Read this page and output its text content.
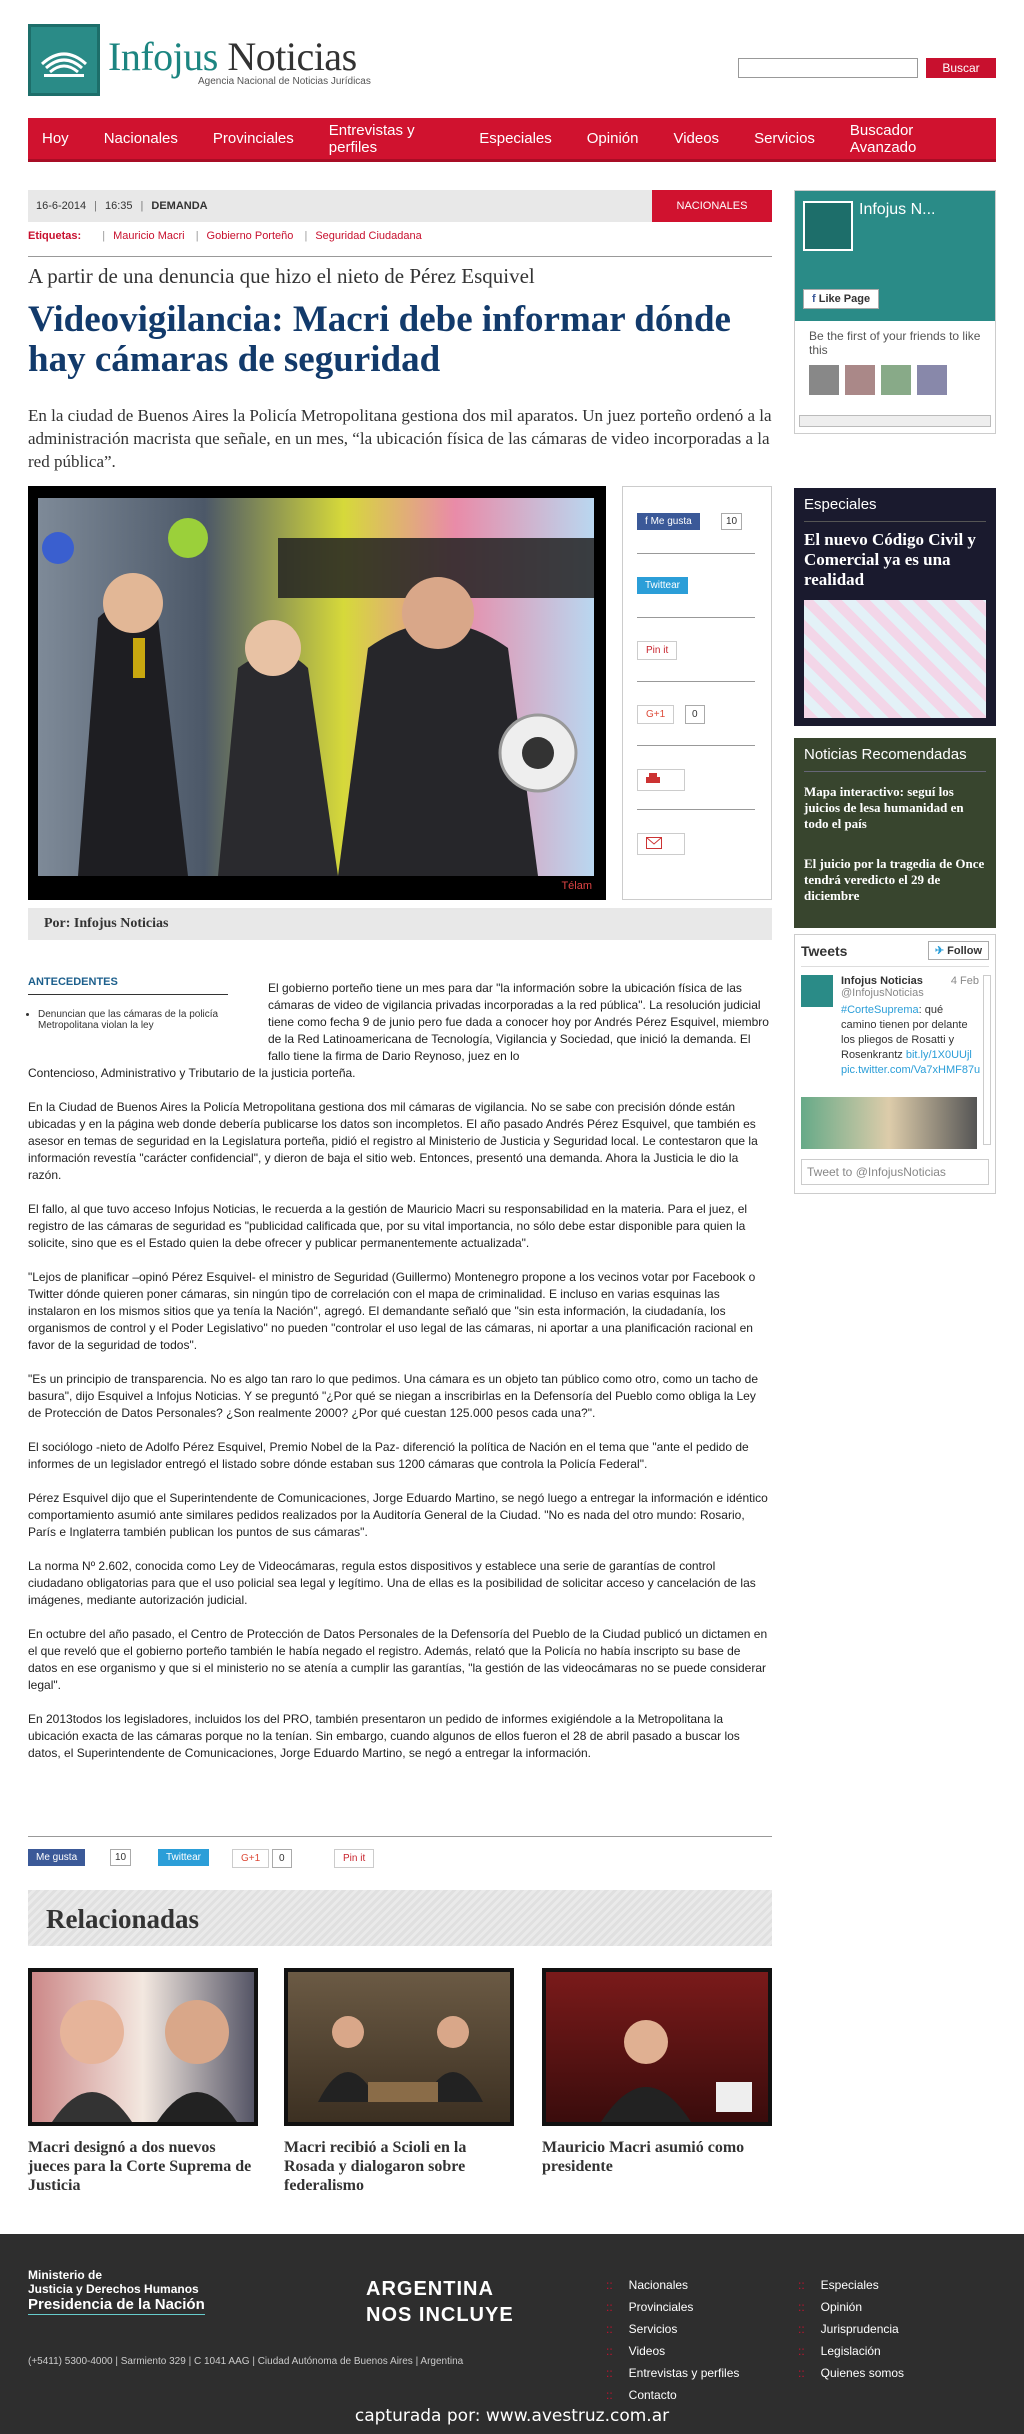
Infojus Noticias
Agencia Nacional de Noticias Jurídicas
Buscar
Hoy Nacionales Provinciales Entrevistas y perfiles	Especiales Opinión Videos Servicios Buscador Avanzado
16-6-2014 | 16:35 | DEMANDA	NACIONALES
Etiquetas: | Mauricio Macri | Gobierno Porteño | Seguridad Ciudadana
A partir de una denuncia que hizo el nieto de Pérez Esquivel
Videovigilancia: Macri debe informar dónde hay cámaras de seguridad
En la ciudad de Buenos Aires la Policía Metropolitana gestiona dos mil aparatos. Un juez porteño ordenó a la administración macrista que señale, en un mes, “la ubicación física de las cámaras de video incorporadas a la red pública”.
Télam
f Me gusta	10
Twittear
Pin it
G+1	0
Por: Infojus Noticias
ANTECEDENTES
• Denuncian que las cámaras de la policía Metropolitana violan la ley

El gobierno porteño tiene un mes para dar "la información sobre la ubicación física de las cámaras de video de vigilancia privadas incorporadas a la red pública". La resolución judicial tiene como fecha 9 de junio pero fue dada a conocer hoy por Andrés Pérez Esquivel, miembro de la Red Latinoamericana de Tecnología, Vigilancia y Sociedad, que inició la demanda. El fallo tiene la firma de Dario Reynoso, juez en lo

Contencioso, Administrativo y Tributario de la justicia porteña.

En la Ciudad de Buenos Aires la Policía Metropolitana gestiona dos mil cámaras de vigilancia. No se sabe con precisión dónde están ubicadas y en la página web donde debería publicarse los datos son incompletos. El año pasado Andrés Pérez Esquivel, que también es asesor en temas de seguridad en la Legislatura porteña, pidió el registro al Ministerio de Justicia y Seguridad local. Le contestaron que la información revestía "carácter confidencial", y dieron de baja el sitio web. Entonces, presentó una demanda. Ahora la Justicia le dio la razón.

El fallo, al que tuvo acceso Infojus Noticias, le recuerda a la gestión de Mauricio Macri su responsabilidad en la materia. Para el juez, el registro de las cámaras de seguridad es "publicidad calificada que, por su vital importancia, no sólo debe estar disponible para quien la solicite, sino que es el Estado quien la debe ofrecer y publicar permanentemente actualizada".

"Lejos de planificar –opinó Pérez Esquivel- el ministro de Seguridad (Guillermo) Montenegro propone a los vecinos votar por Facebook o Twitter dónde quieren poner cámaras, sin ningún tipo de correlación con el mapa de criminalidad. E incluso en varias esquinas las instalaron en los mismos sitios que ya tenía la Nación", agregó. El demandante señaló que "sin esta información, la ciudadanía, los organismos de control y el Poder Legislativo" no pueden "controlar el uso legal de las cámaras, ni aportar a una planificación racional en favor de la seguridad de todos".

"Es un principio de transparencia. No es algo tan raro lo que pedimos. Una cámara es un objeto tan público como otro, como un tacho de basura", dijo Esquivel a Infojus Noticias. Y se preguntó "¿Por qué se niegan a inscribirlas en la Defensoría del Pueblo como obliga la Ley de Protección de Datos Personales? ¿Son realmente 2000? ¿Por qué cuestan 125.000 pesos cada una?".

El sociólogo -nieto de Adolfo Pérez Esquivel, Premio Nobel de la Paz- diferenció la política de Nación en el tema que "ante el pedido de informes de un legislador entregó el listado sobre dónde estaban sus 1200 cámaras que controla la Policía Federal".

Pérez Esquivel dijo que el Superintendente de Comunicaciones, Jorge Eduardo Martino, se negó luego a entregar la información e idéntico comportamiento asumió ante similares pedidos realizados por la Auditoría General de la Ciudad. "No es nada del otro mundo: Rosario, París e Inglaterra también publican los puntos de sus cámaras".

La norma Nº 2.602, conocida como Ley de Videocámaras, regula estos dispositivos y establece una serie de garantías de control ciudadano obligatorias para que el uso policial sea legal y legítimo. Una de ellas es la posibilidad de solicitar acceso y cancelación de las imágenes, mediante autorización judicial.

En octubre del año pasado, el Centro de Protección de Datos Personales de la Defensoría del Pueblo de la Ciudad publicó un dictamen en el que reveló que el gobierno porteño también le había negado el registro. Además, relató que la Policía no había inscripto su base de datos en ese organismo y que si el ministerio no se atenía a cumplir las garantías, "la gestión de las videocámaras no se puede considerar legal".

En 2013todos los legisladores, incluidos los del PRO, también presentaron un pedido de informes exigiéndole a la Metropolitana la ubicación exacta de las cámaras porque no la tenían. Sin embargo, cuando algunos de ellos fueron el 28 de abril pasado a buscar los datos, el Superintendente de Comunicaciones, Jorge Eduardo Martino, se negó a entregar la información.

Me gusta	10	Twittear	G+1	0	Pin it
Relacionadas
Macri designó a dos nuevos jueces para la Corte Suprema de Justicia
Macri recibió a Scioli en la Rosada y dialogaron sobre federalismo
Mauricio Macri asumió como presidente
Infojus N...
f Like Page
Be the first of your friends to like this
Especiales
El nuevo Código Civil y Comercial ya es una realidad
Noticias Recomendadas
Mapa interactivo: seguí los juicios de lesa humanidad en todo el país
El juicio por la tragedia de Once tendrá veredicto el 29 de diciembre
Tweets	✈ Follow
Infojus Noticias	4 Feb
@InfojusNoticias
#CorteSuprema: qué camino tienen por delante los pliegos de Rosatti y Rosenkrantz bit.ly/1X0UUjl pic.twitter.com/Va7xHMF87u
Tweet to @InfojusNoticias
Ministerio de
Justicia y Derechos Humanos
Presidencia de la Nación
ARGENTINA
NOS INCLUYE
(+5411) 5300-4000 | Sarmiento 329 | C 1041 AAG | Ciudad Autónoma de Buenos Aires | Argentina
:: Nacionales
:: Provinciales
:: Servicios
:: Videos
:: Entrevistas y perfiles
:: Contacto
:: Especiales
:: Opinión
:: Jurisprudencia
:: Legislación
:: Quienes somos
capturada por: www.avestruz.com.ar
